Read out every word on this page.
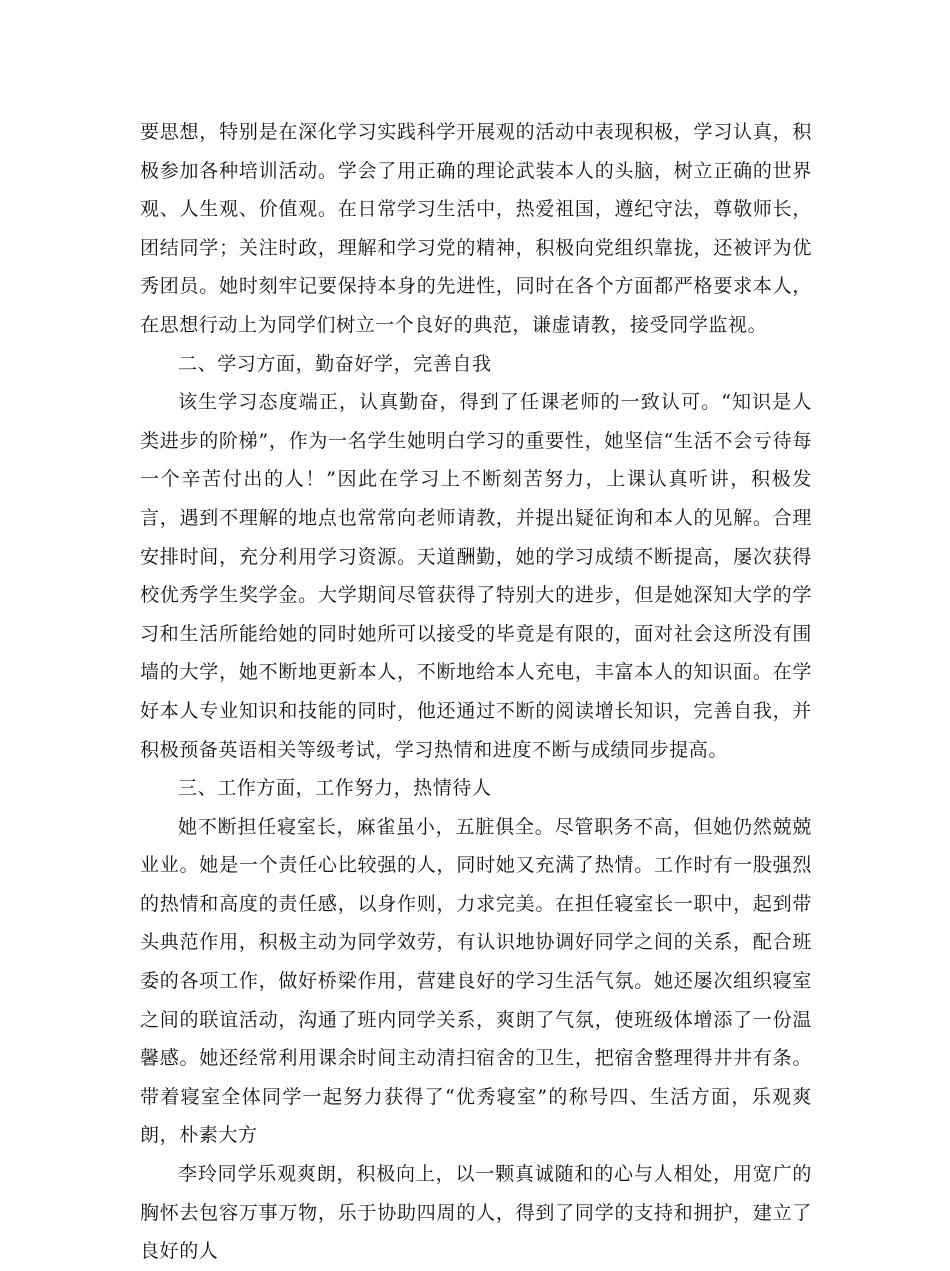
要思想，特别是在深化学习实践科学开展观的活动中表现积极，学习认真，积极参加各种培训活动。学会了用正确的理论武装本人的头脑，树立正确的世界观、人生观、价值观。在日常学习生活中，热爱祖国，遵纪守法，尊敬师长，团结同学；关注时政，理解和学习党的精神，积极向党组织靠拢，还被评为优秀团员。她时刻牢记要保持本身的先进性，同时在各个方面都严格要求本人，在思想行动上为同学们树立一个良好的典范，谦虚请教，接受同学监视。

二、学习方面，勤奋好学，完善自我

该生学习态度端正，认真勤奋，得到了任课老师的一致认可。“知识是人类进步的阶梯”，作为一名学生她明白学习的重要性，她坚信“生活不会亏待每一个辛苦付出的人！”因此在学习上不断刻苦努力，上课认真听讲，积极发言，遇到不理解的地点也常常向老师请教，并提出疑征询和本人的见解。合理安排时间，充分利用学习资源。天道酬勤，她的学习成绩不断提高，屡次获得校优秀学生奖学金。大学期间尽管获得了特别大的进步，但是她深知大学的学习和生活所能给她的同时她所可以接受的毕竟是有限的，面对社会这所没有围墙的大学，她不断地更新本人，不断地给本人充电，丰富本人的知识面。在学好本人专业知识和技能的同时，他还通过不断的阅读增长知识，完善自我，并积极预备英语相关等级考试，学习热情和进度不断与成绩同步提高。

三、工作方面，工作努力，热情待人

她不断担任寝室长，麻雀虽小，五脏俱全。尽管职务不高，但她仍然兢兢业业。她是一个责任心比较强的人，同时她又充满了热情。工作时有一股强烈的热情和高度的责任感，以身作则，力求完美。在担任寝室长一职中，起到带头典范作用，积极主动为同学效劳，有认识地协调好同学之间的关系，配合班委的各项工作，做好桥梁作用，营建良好的学习生活气氛。她还屡次组织寝室之间的联谊活动，沟通了班内同学关系，爽朗了气氛，使班级体增添了一份温馨感。她还经常利用课余时间主动清扫宿舍的卫生，把宿舍整理得井井有条。带着寝室全体同学一起努力获得了“优秀寝室”的称号四、生活方面，乐观爽朗，朴素大方

李玲同学乐观爽朗，积极向上，以一颗真诚随和的心与人相处，用宽广的胸怀去包容万事万物，乐于协助四周的人，得到了同学的支持和拥护，建立了良好的人
